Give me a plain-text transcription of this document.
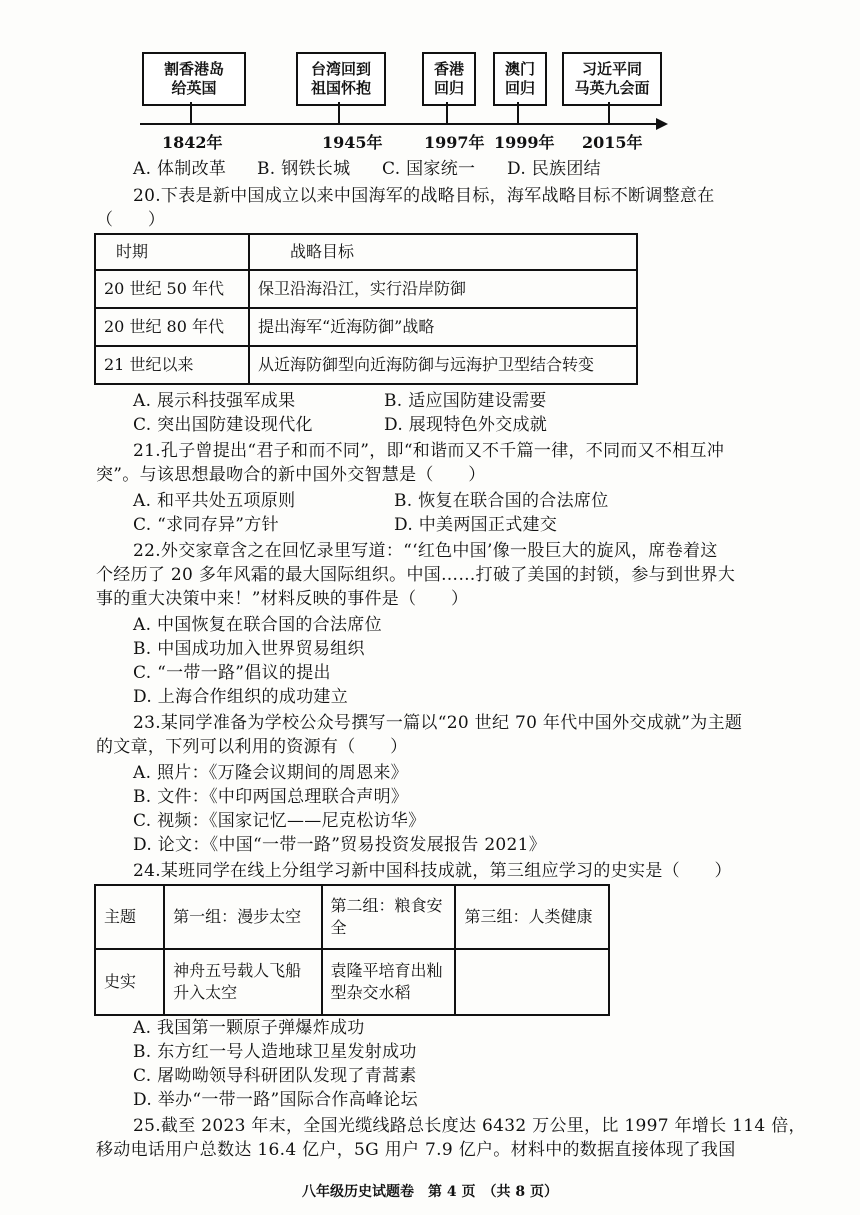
割香港岛
给英国
台湾回到
祖国怀抱
香港
回归
澳门
回归
习近平同
马英九会面
1842年	1945年	1997年 1999年 2015年
A. 体制改革 B. 钢铁长城 C. 国家统一 D. 民族团结
20.下表是新中国成立以来中国海军的战略目标，海军战略目标不断调整意在
（　　）
时期	战略目标
20 世纪 50 年代	保卫沿海沿江，实行沿岸防御
20 世纪 80 年代	提出海军“近海防御”战略
21 世纪以来	从近海防御型向近海防御与远海护卫型结合转变
A. 展示科技强军成果	B. 适应国防建设需要
C. 突出国防建设现代化	D. 展现特色外交成就
21.孔子曾提出“君子和而不同”，即“和谐而又不千篇一律，不同而又不相互冲
突”。与该思想最吻合的新中国外交智慧是（　　）
A. 和平共处五项原则	B. 恢复在联合国的合法席位
C. “求同存异”方针	D. 中美两国正式建交
22.外交家章含之在回忆录里写道：“‘红色中国’像一股巨大的旋风，席卷着这
个经历了 20 多年风霜的最大国际组织。中国……打破了美国的封锁，参与到世界大
事的重大决策中来！”材料反映的事件是（　　）
A. 中国恢复在联合国的合法席位
B. 中国成功加入世界贸易组织
C. “一带一路”倡议的提出
D. 上海合作组织的成功建立
23.某同学准备为学校公众号撰写一篇以“20 世纪 70 年代中国外交成就”为主题
的文章，下列可以利用的资源有（　　）
A. 照片：《万隆会议期间的周恩来》
B. 文件：《中印两国总理联合声明》
C. 视频：《国家记忆——尼克松访华》
D. 论文：《中国“一带一路”贸易投资发展报告 2021》
24.某班同学在线上分组学习新中国科技成就，第三组应学习的史实是（　　）
主题	第一组：漫步太空	第二组：粮食安全	第三组：人类健康
史实	神舟五号载人飞船升入太空	袁隆平培育出籼型杂交水稻	
A. 我国第一颗原子弹爆炸成功
B. 东方红一号人造地球卫星发射成功
C. 屠呦呦领导科研团队发现了青蒿素
D. 举办“一带一路”国际合作高峰论坛
25.截至 2023 年末，全国光缆线路总长度达 6432 万公里，比 1997 年增长 114 倍，
移动电话用户总数达 16.4 亿户，5G 用户 7.9 亿户。材料中的数据直接体现了我国
八年级历史试题卷　第 4 页　（共 8 页）
